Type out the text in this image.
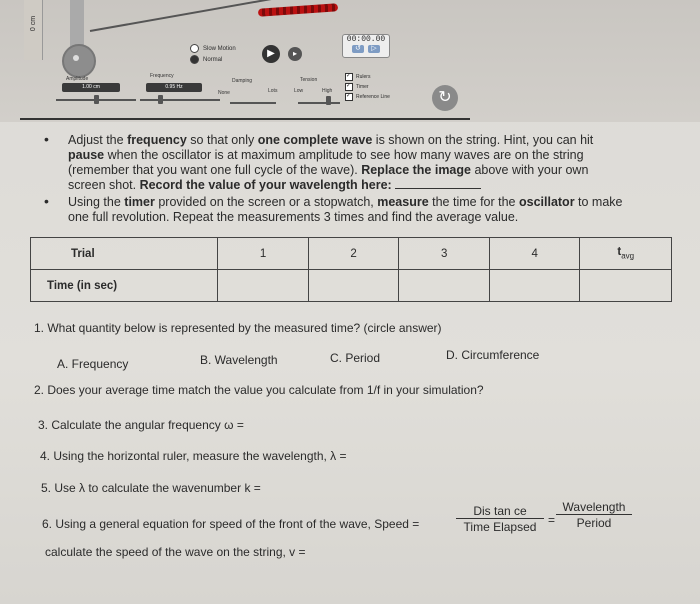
0 cm
00:00.00
↺	▷
Slow Motion
Normal
▶	▸
Amplitude
1.00 cm
Frequency
0.95 Hz
Damping
None	Lots
Tension
Low	High
✓ Rulers
✓ Timer
✓ Reference Line	↻
• Adjust the frequency so that only one complete wave is shown on the string. Hint, you can hit
pause when the oscillator is at maximum amplitude to see how many waves are on the string
(remember that you want one full cycle of the wave). Replace the image above with your own
screen shot. Record the value of your wavelength here:
• Using the timer provided on the screen or a stopwatch, measure the time for the oscillator to make
one full revolution. Repeat the measurements 3 times and find the average value.
Trial	1	2	3	4	$t_{avg}$
Time (in sec)					
1. What quantity below is represented by the measured time? (circle answer)
A. Frequency	B. Wavelength	C. Period	D. Circumference
2. Does your average time match the value you calculate from 1/f in your simulation?
3. Calculate the angular frequency ω =
4. Using the horizontal ruler, measure the wavelength, λ =
5. Use λ to calculate the wavenumber k =
6. Using a general equation for speed of the front of the wave, Speed =
Dis tan ce
Time Elapsed =
Wavelength
Period
calculate the speed of the wave on the string, v =
